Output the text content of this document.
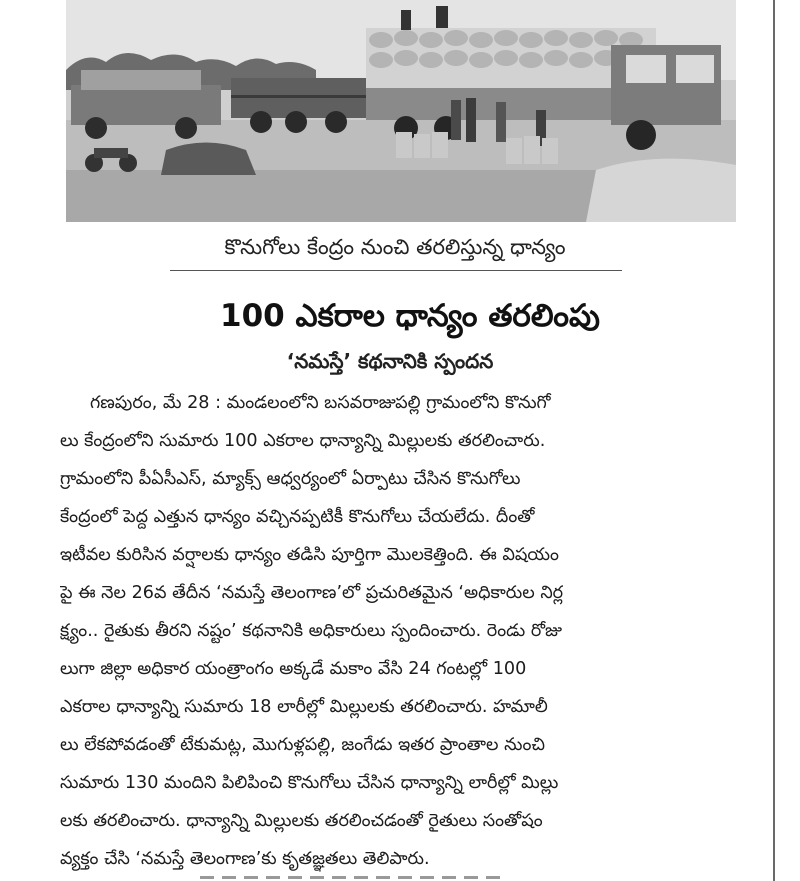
కొనుగోలు కేంద్రం నుంచి తరలిస్తున్న ధాన్యం
100 ఎకరాల ధాన్యం తరలింపు
‘నమస్తే’ కథనానికి స్పందన
గణపురం, మే 28 : మండలంలోని బసవరాజుపల్లి గ్రామంలోని కొనుగో
లు కేంద్రంలోని సుమారు 100 ఎకరాల ధాన్యాన్ని మిల్లులకు తరలించారు.
గ్రామంలోని పీఏసీఎస్, మ్యాక్స్ ఆధ్వర్యంలో ఏర్పాటు చేసిన కొనుగోలు
కేంద్రంలో పెద్ద ఎత్తున ధాన్యం వచ్చినప్పటికీ కొనుగోలు చేయలేదు. దీంతో
ఇటీవల కురిసిన వర్షాలకు ధాన్యం తడిసి పూర్తిగా మొలకెత్తింది. ఈ విషయం
పై ఈ నెల 26వ తేదీన ‘నమస్తే తెలంగాణ’లో ప్రచురితమైన ‘అధికారుల నిర్ల
క్ష్యం.. రైతుకు తీరని నష్టం’ కథనానికి అధికారులు స్పందించారు. రెండు రోజు
లుగా జిల్లా అధికార యంత్రాంగం అక్కడే మకాం వేసి 24 గంటల్లో 100
ఎకరాల ధాన్యాన్ని సుమారు 18 లారీల్లో మిల్లులకు తరలించారు. హమాలీ
లు లేకపోవడంతో టేకుమట్ల, మొగుళ్లపల్లి, జంగేడు ఇతర ప్రాంతాల నుంచి
సుమారు 130 మందిని పిలిపించి కొనుగోలు చేసిన ధాన్యాన్ని లారీల్లో మిల్లు
లకు తరలించారు. ధాన్యాన్ని మిల్లులకు తరలించడంతో రైతులు సంతోషం
వ్యక్తం చేసి ‘నమస్తే తెలంగాణ’కు కృతజ్ఞతలు తెలిపారు.
